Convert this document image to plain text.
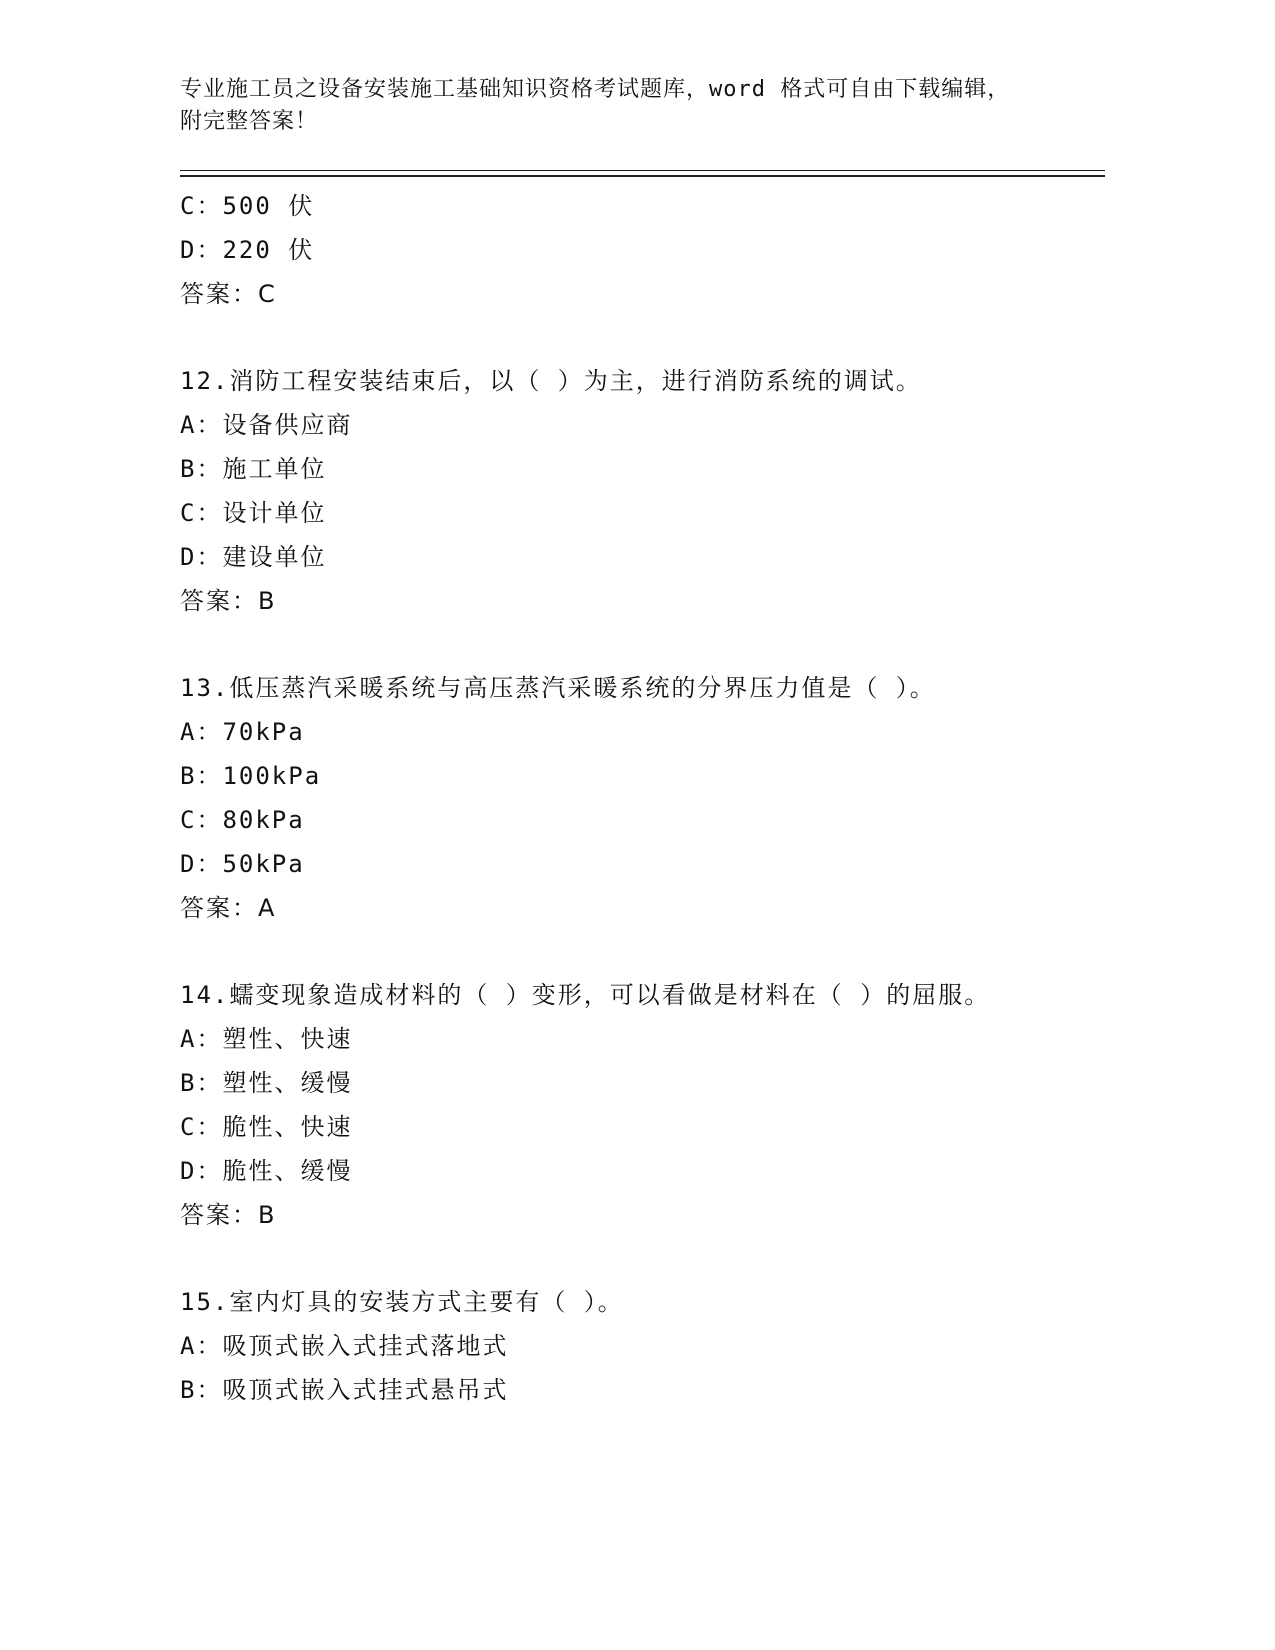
专业施工员之设备安装施工基础知识资格考试题库，word 格式可自由下载编辑，
附完整答案！
C：500 伏
D：220 伏
答案：C
12.消防工程安装结束后，以（ ）为主，进行消防系统的调试。
A：设备供应商
B：施工单位
C：设计单位
D：建设单位
答案：B
13.低压蒸汽采暖系统与高压蒸汽采暖系统的分界压力值是（ ）。
A：70kPa
B：100kPa
C：80kPa
D：50kPa
答案：A
14.蠕变现象造成材料的（ ）变形，可以看做是材料在（ ）的屈服。
A：塑性、快速
B：塑性、缓慢
C：脆性、快速
D：脆性、缓慢
答案：B
15.室内灯具的安装方式主要有（ ）。
A：吸顶式嵌入式挂式落地式
B：吸顶式嵌入式挂式悬吊式
